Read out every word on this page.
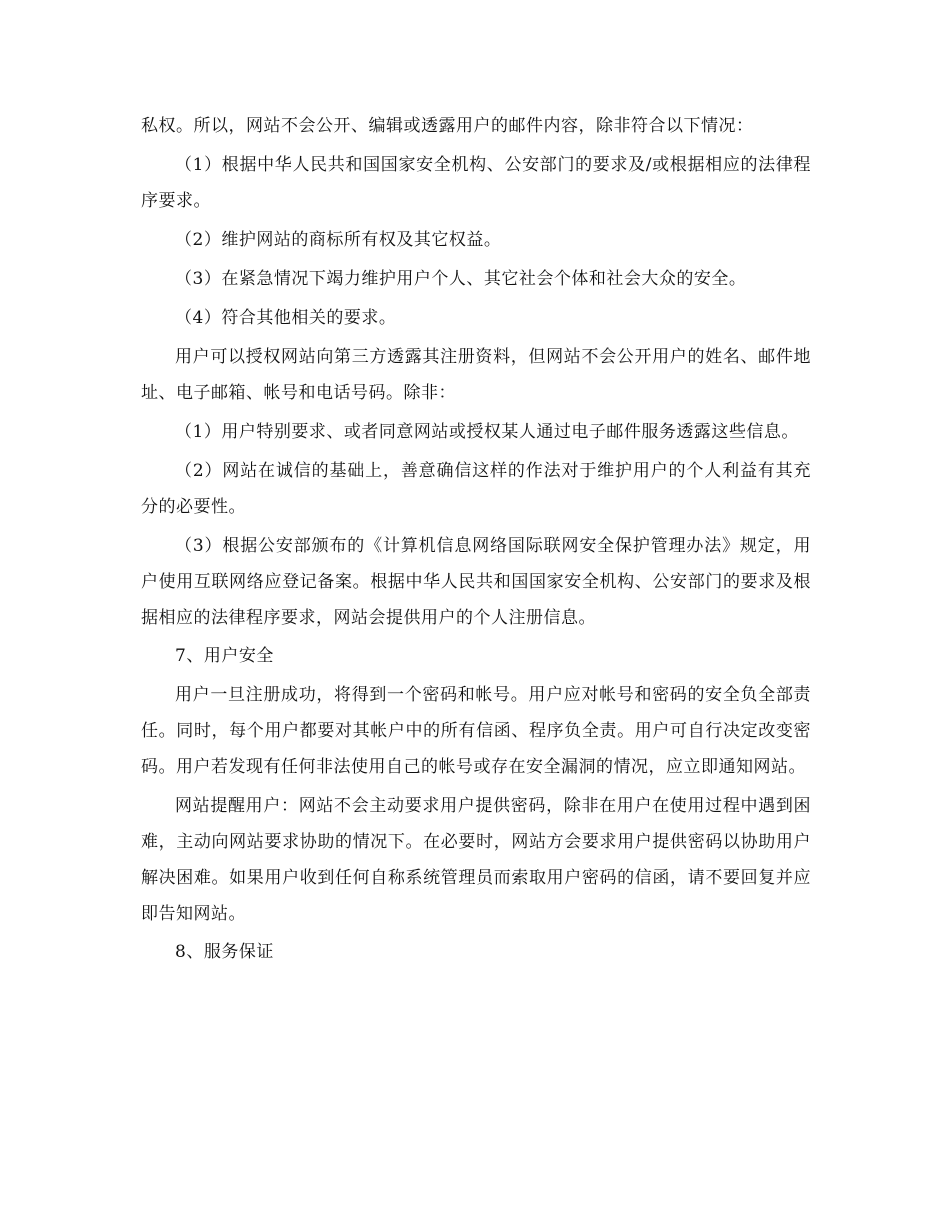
私权。所以，网站不会公开、编辑或透露用户的邮件内容，除非符合以下情况：

（1）根据中华人民共和国国家安全机构、公安部门的要求及/或根据相应的法律程序要求。

（2）维护网站的商标所有权及其它权益。

（3）在紧急情况下竭力维护用户个人、其它社会个体和社会大众的安全。

（4）符合其他相关的要求。

用户可以授权网站向第三方透露其注册资料，但网站不会公开用户的姓名、邮件地址、电子邮箱、帐号和电话号码。除非：

（1）用户特别要求、或者同意网站或授权某人通过电子邮件服务透露这些信息。

（2）网站在诚信的基础上，善意确信这样的作法对于维护用户的个人利益有其充分的必要性。

（3）根据公安部颁布的《计算机信息网络国际联网安全保护管理办法》规定，用户使用互联网络应登记备案。根据中华人民共和国国家安全机构、公安部门的要求及根据相应的法律程序要求，网站会提供用户的个人注册信息。

7、用户安全

用户一旦注册成功，将得到一个密码和帐号。用户应对帐号和密码的安全负全部责任。同时，每个用户都要对其帐户中的所有信函、程序负全责。用户可自行决定改变密码。用户若发现有任何非法使用自己的帐号或存在安全漏洞的情况，应立即通知网站。

网站提醒用户：网站不会主动要求用户提供密码，除非在用户在使用过程中遇到困难，主动向网站要求协助的情况下。在必要时，网站方会要求用户提供密码以协助用户解决困难。如果用户收到任何自称系统管理员而索取用户密码的信函，请不要回复并应即告知网站。

8、服务保证
